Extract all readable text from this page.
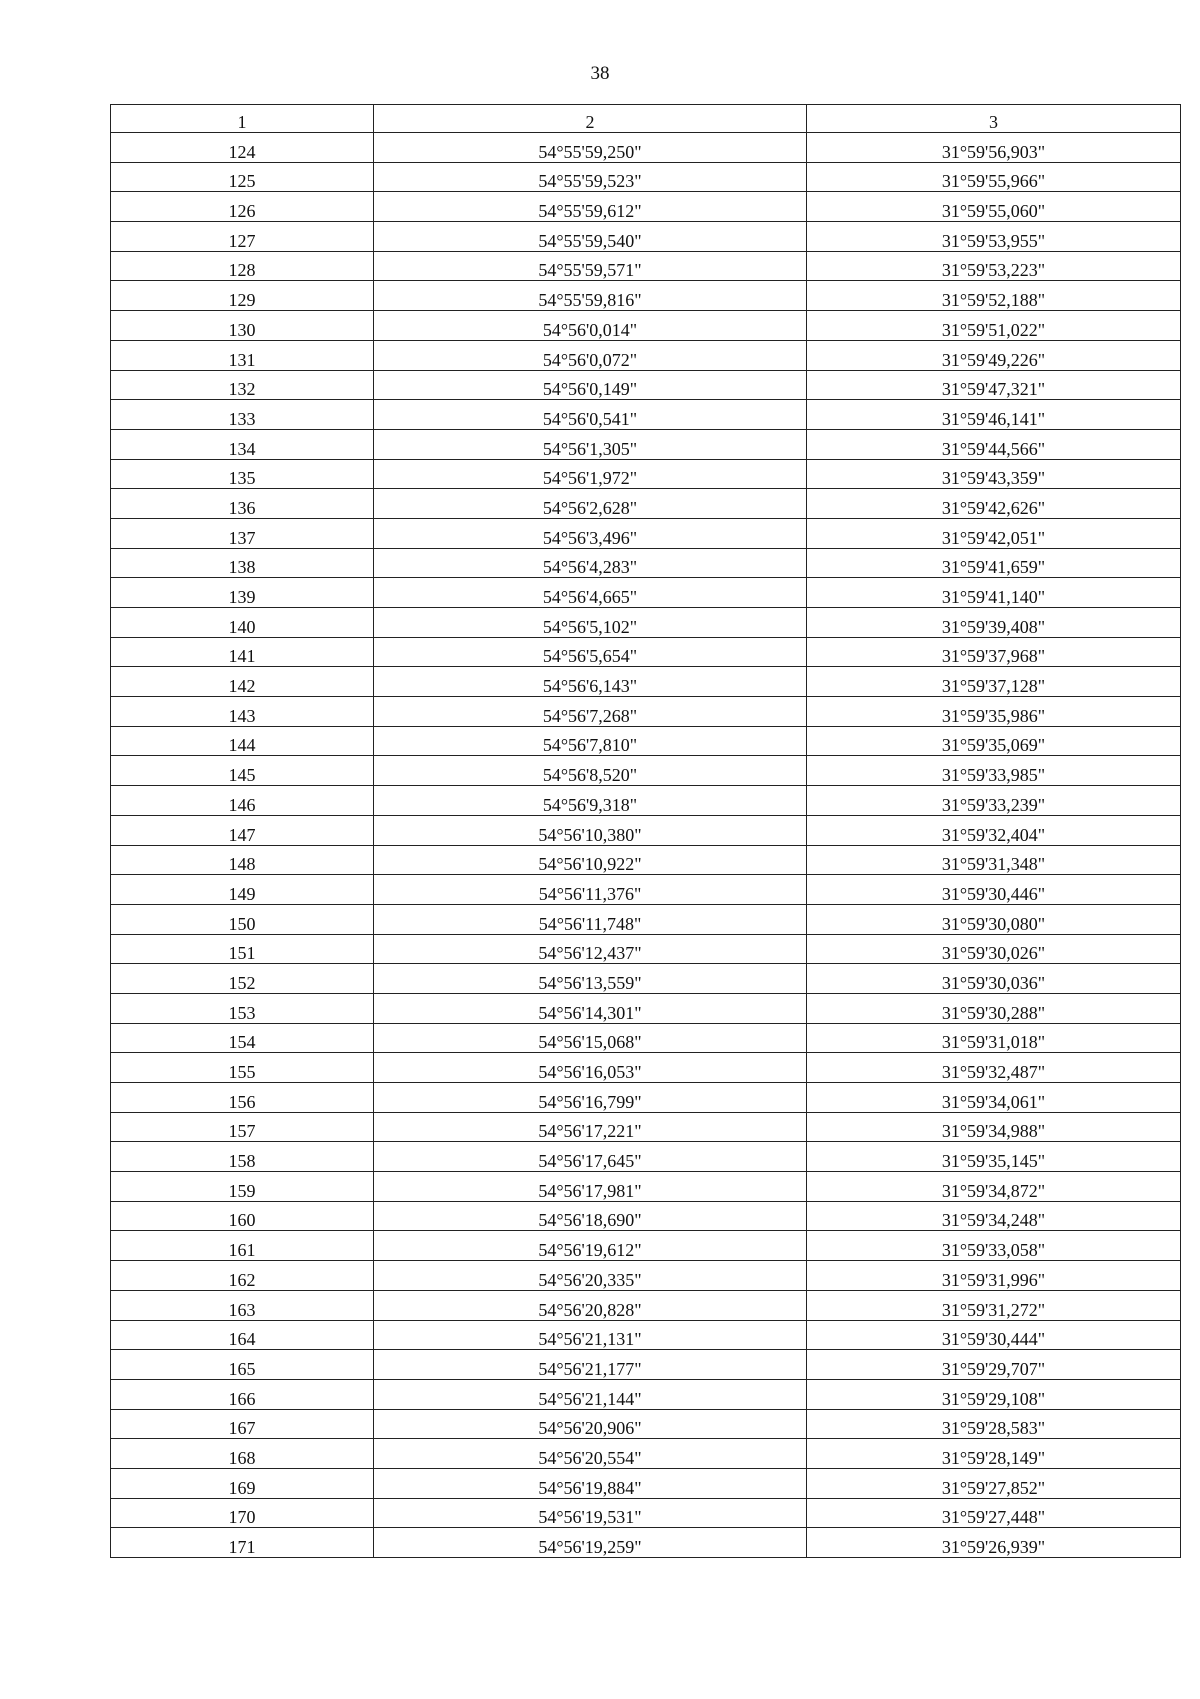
38
1	2	3
124	54°55'59,250"	31°59'56,903"
125	54°55'59,523"	31°59'55,966"
126	54°55'59,612"	31°59'55,060"
127	54°55'59,540"	31°59'53,955"
128	54°55'59,571"	31°59'53,223"
129	54°55'59,816"	31°59'52,188"
130	54°56'0,014"	31°59'51,022"
131	54°56'0,072"	31°59'49,226"
132	54°56'0,149"	31°59'47,321"
133	54°56'0,541"	31°59'46,141"
134	54°56'1,305"	31°59'44,566"
135	54°56'1,972"	31°59'43,359"
136	54°56'2,628"	31°59'42,626"
137	54°56'3,496"	31°59'42,051"
138	54°56'4,283"	31°59'41,659"
139	54°56'4,665"	31°59'41,140"
140	54°56'5,102"	31°59'39,408"
141	54°56'5,654"	31°59'37,968"
142	54°56'6,143"	31°59'37,128"
143	54°56'7,268"	31°59'35,986"
144	54°56'7,810"	31°59'35,069"
145	54°56'8,520"	31°59'33,985"
146	54°56'9,318"	31°59'33,239"
147	54°56'10,380"	31°59'32,404"
148	54°56'10,922"	31°59'31,348"
149	54°56'11,376"	31°59'30,446"
150	54°56'11,748"	31°59'30,080"
151	54°56'12,437"	31°59'30,026"
152	54°56'13,559"	31°59'30,036"
153	54°56'14,301"	31°59'30,288"
154	54°56'15,068"	31°59'31,018"
155	54°56'16,053"	31°59'32,487"
156	54°56'16,799"	31°59'34,061"
157	54°56'17,221"	31°59'34,988"
158	54°56'17,645"	31°59'35,145"
159	54°56'17,981"	31°59'34,872"
160	54°56'18,690"	31°59'34,248"
161	54°56'19,612"	31°59'33,058"
162	54°56'20,335"	31°59'31,996"
163	54°56'20,828"	31°59'31,272"
164	54°56'21,131"	31°59'30,444"
165	54°56'21,177"	31°59'29,707"
166	54°56'21,144"	31°59'29,108"
167	54°56'20,906"	31°59'28,583"
168	54°56'20,554"	31°59'28,149"
169	54°56'19,884"	31°59'27,852"
170	54°56'19,531"	31°59'27,448"
171	54°56'19,259"	31°59'26,939"
